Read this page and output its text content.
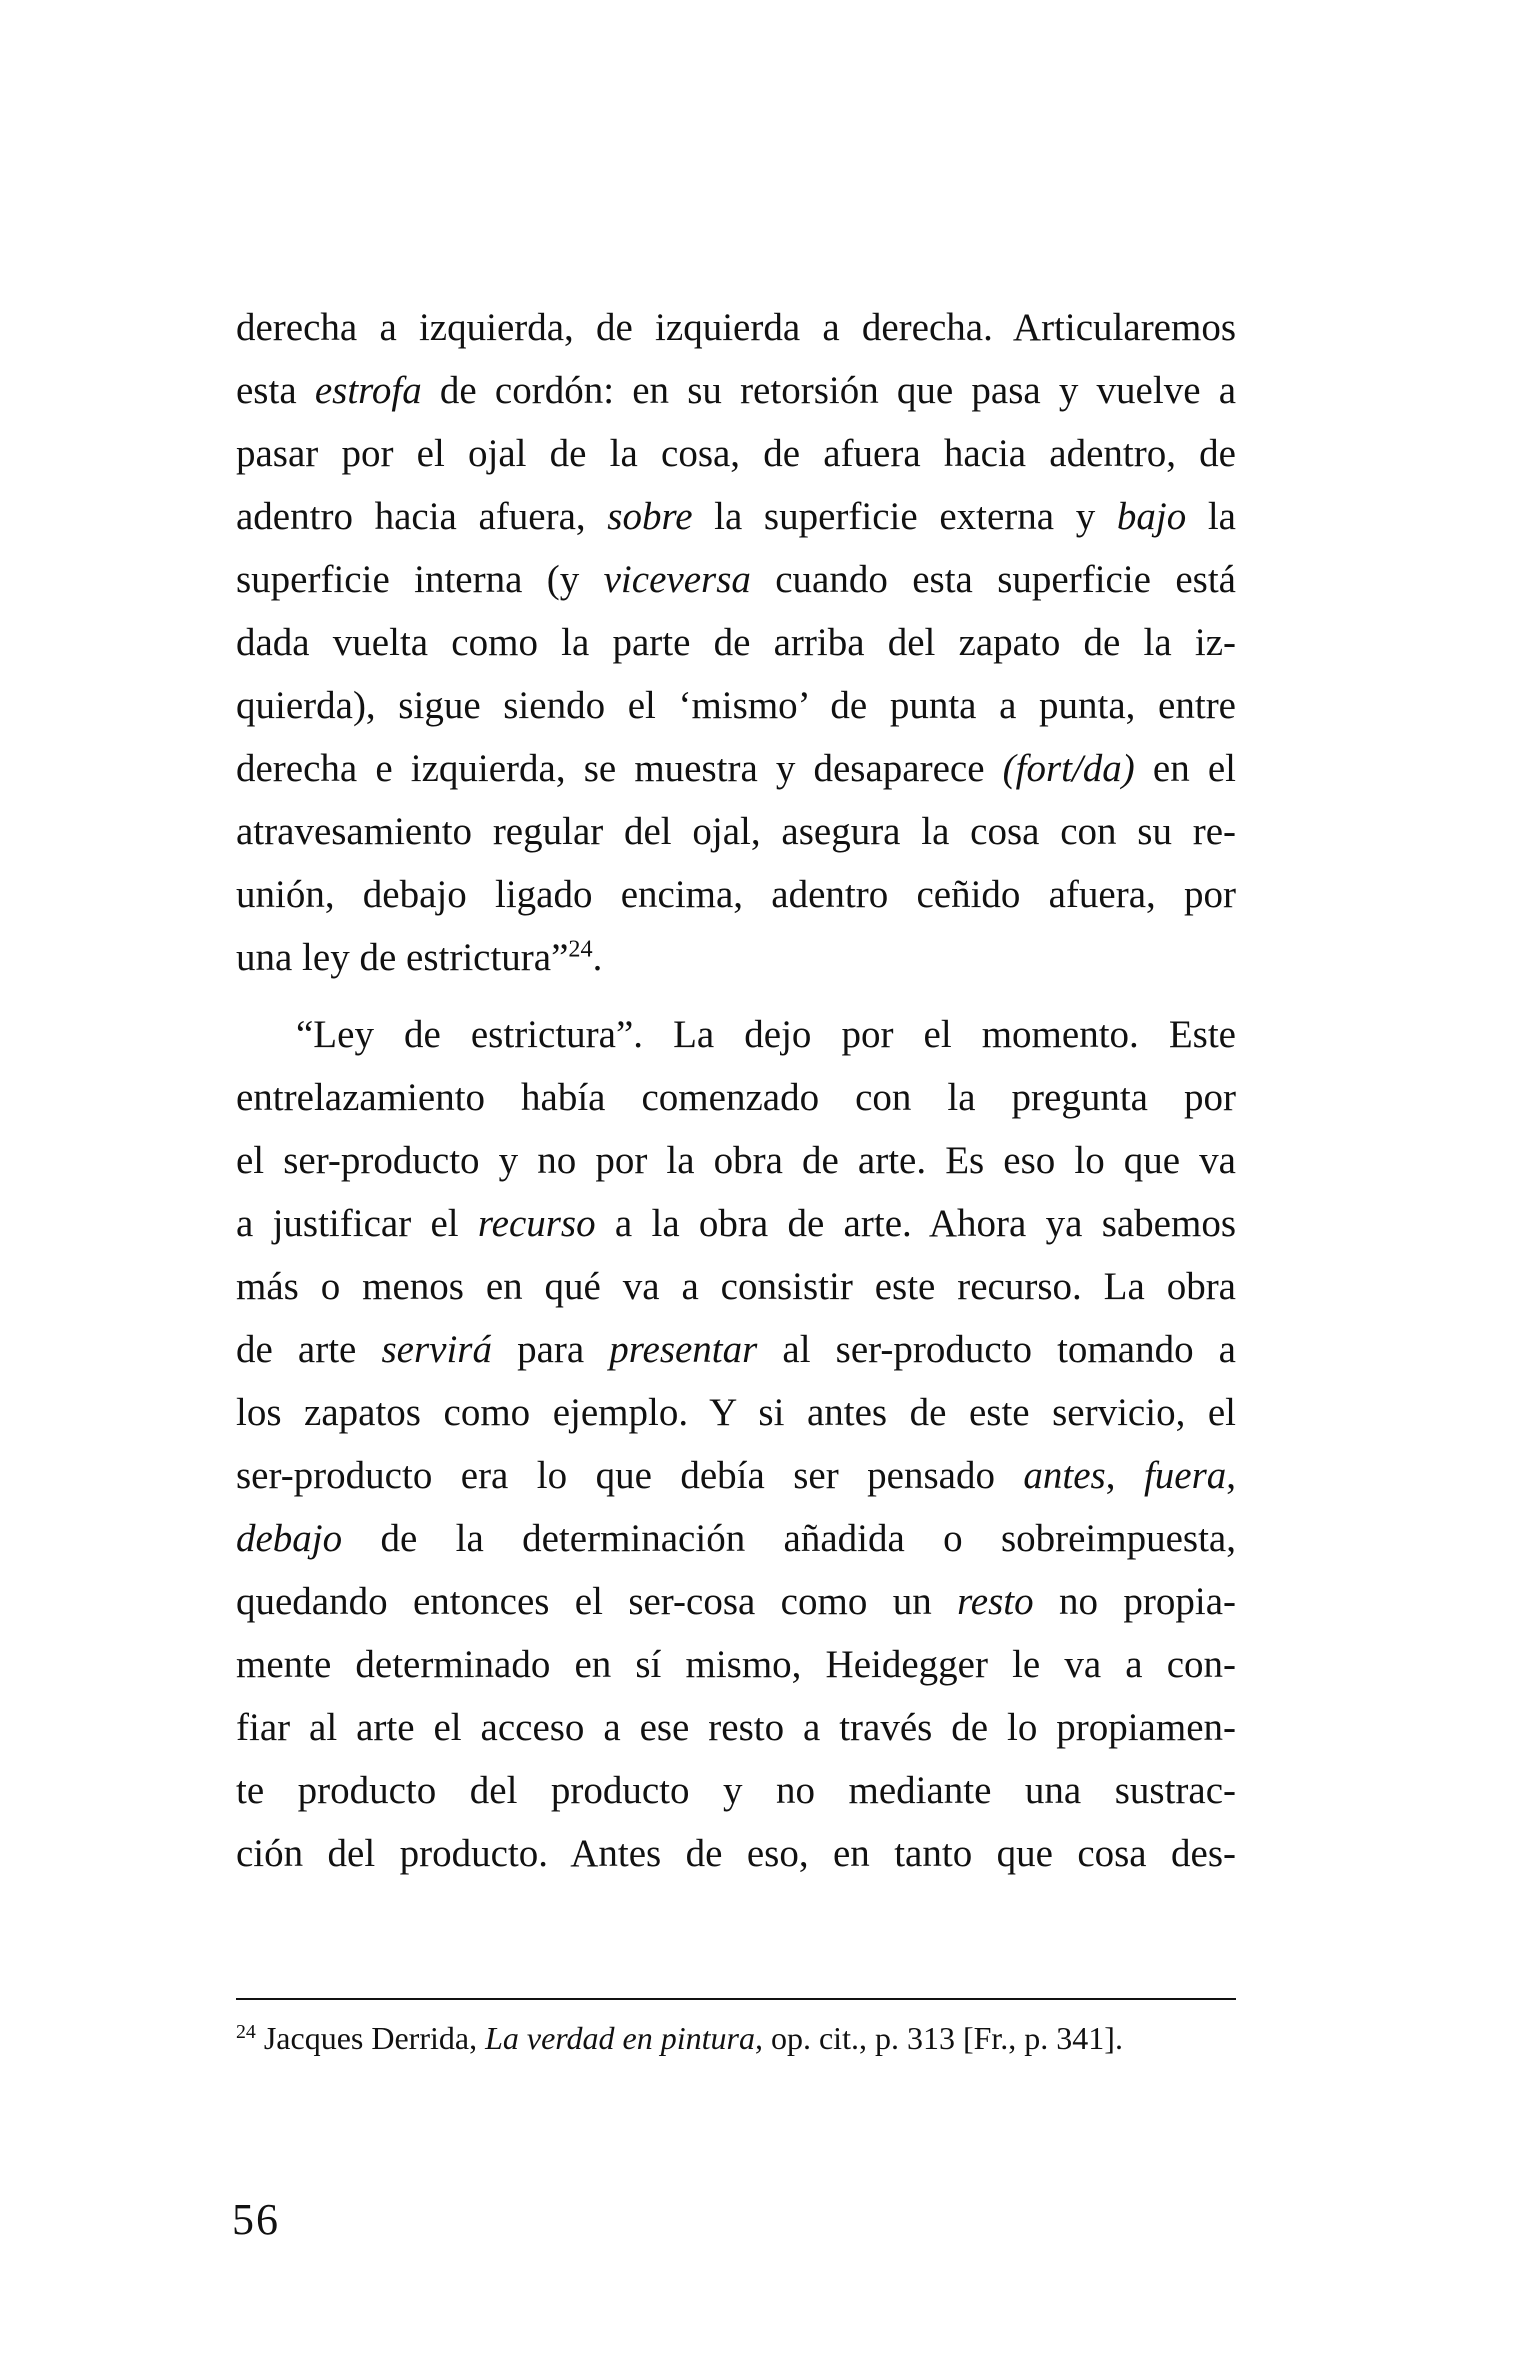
derecha a izquierda, de izquierda a derecha. Articularemos
esta estrofa de cordón: en su retorsión que pasa y vuelve a
pasar por el ojal de la cosa, de afuera hacia adentro, de
adentro hacia afuera, sobre la superficie externa y bajo la
superficie interna (y viceversa cuando esta superficie está
dada vuelta como la parte de arriba del zapato de la iz-
quierda), sigue siendo el ‘mismo’ de punta a punta, entre
derecha e izquierda, se muestra y desaparece (fort/da) en el
atravesamiento regular del ojal, asegura la cosa con su re-
unión, debajo ligado encima, adentro ceñido afuera, por
una ley de estrictura”$^{24}$.
“Ley de estrictura”. La dejo por el momento. Este
entrelazamiento había comenzado con la pregunta por
el ser-producto y no por la obra de arte. Es eso lo que va
a justificar el recurso a la obra de arte. Ahora ya sabemos
más o menos en qué va a consistir este recurso. La obra
de arte servirá para presentar al ser-producto tomando a
los zapatos como ejemplo. Y si antes de este servicio, el
ser-producto era lo que debía ser pensado antes, fuera,
debajo de la determinación añadida o sobreimpuesta,
quedando entonces el ser-cosa como un resto no propia-
mente determinado en sí mismo, Heidegger le va a con-
fiar al arte el acceso a ese resto a través de lo propiamen-
te producto del producto y no mediante una sustrac-
ción del producto. Antes de eso, en tanto que cosa des-
$^{24}$ Jacques Derrida, La verdad en pintura, op. cit., p. 313 [Fr., p. 341].
56
